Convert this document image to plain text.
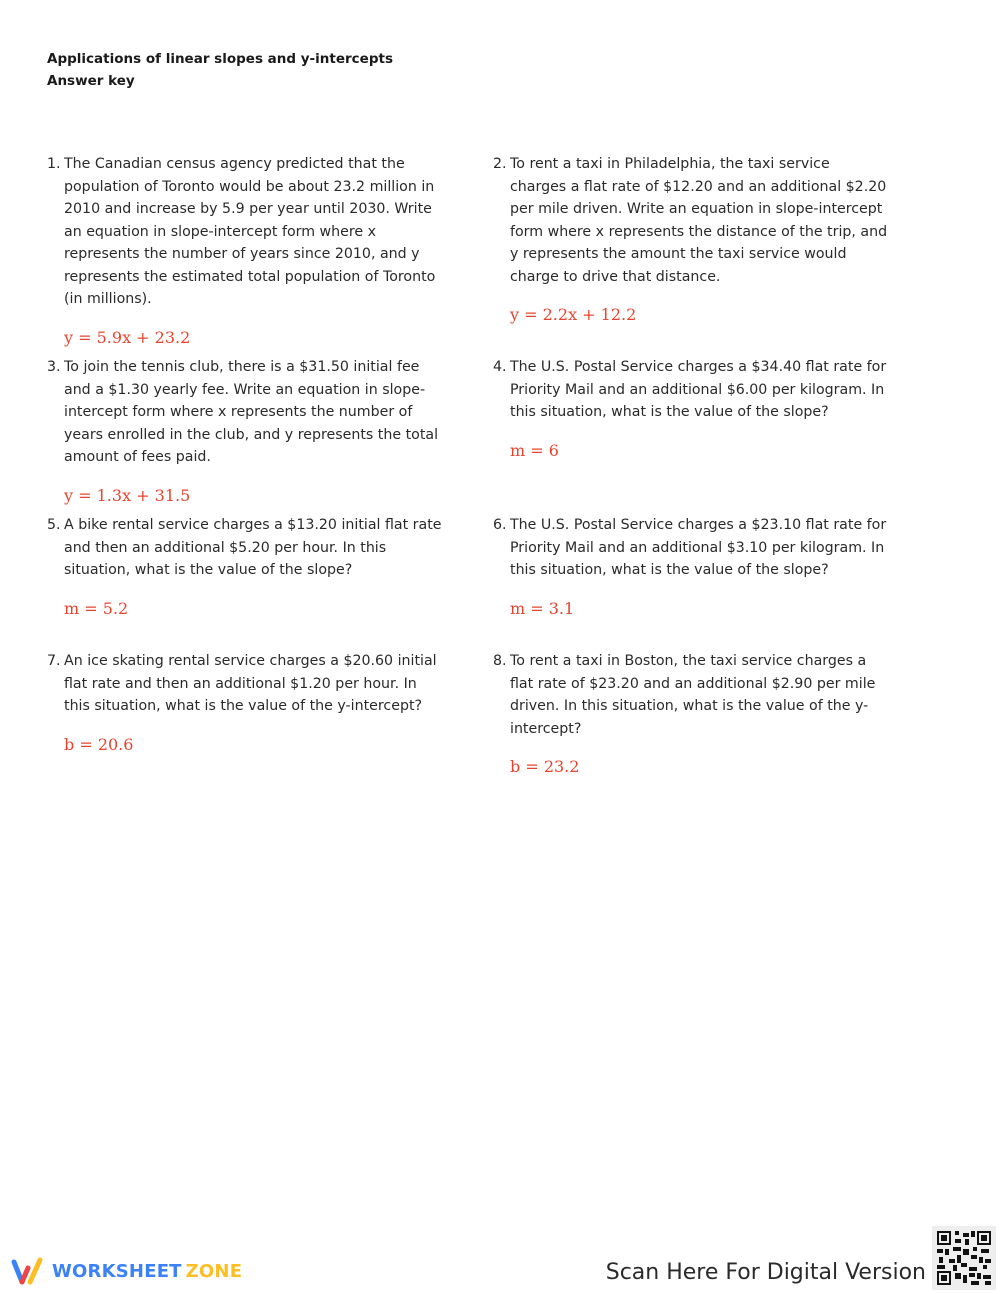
Applications of linear slopes and y-intercepts
Answer key
1. The Canadian census agency predicted that the population of Toronto would be about 23.2 million in 2010 and increase by 5.9 per year until 2030. Write an equation in slope-intercept form where x represents the number of years since 2010, and y represents the estimated total population of Toronto (in millions).
y = 5.9x + 23.2
2. To rent a taxi in Philadelphia, the taxi service charges a flat rate of $12.20 and an additional $2.20 per mile driven. Write an equation in slope-intercept form where x represents the distance of the trip, and y represents the amount the taxi service would charge to drive that distance.
y = 2.2x + 12.2
3. To join the tennis club, there is a $31.50 initial fee and a $1.30 yearly fee. Write an equation in slope-intercept form where x represents the number of years enrolled in the club, and y represents the total amount of fees paid.
y = 1.3x + 31.5
4. The U.S. Postal Service charges a $34.40 flat rate for Priority Mail and an additional $6.00 per kilogram. In this situation, what is the value of the slope?
m = 6
5. A bike rental service charges a $13.20 initial flat rate and then an additional $5.20 per hour. In this situation, what is the value of the slope?
m = 5.2
6. The U.S. Postal Service charges a $23.10 flat rate for Priority Mail and an additional $3.10 per kilogram. In this situation, what is the value of the slope?
m = 3.1
7. An ice skating rental service charges a $20.60 initial flat rate and then an additional $1.20 per hour. In this situation, what is the value of the y-intercept?
b = 20.6
8. To rent a taxi in Boston, the taxi service charges a flat rate of $23.20 and an additional $2.90 per mile driven. In this situation, what is the value of the y-intercept?
b = 23.2
WORKSHEET ZONE	Scan Here For Digital Version
